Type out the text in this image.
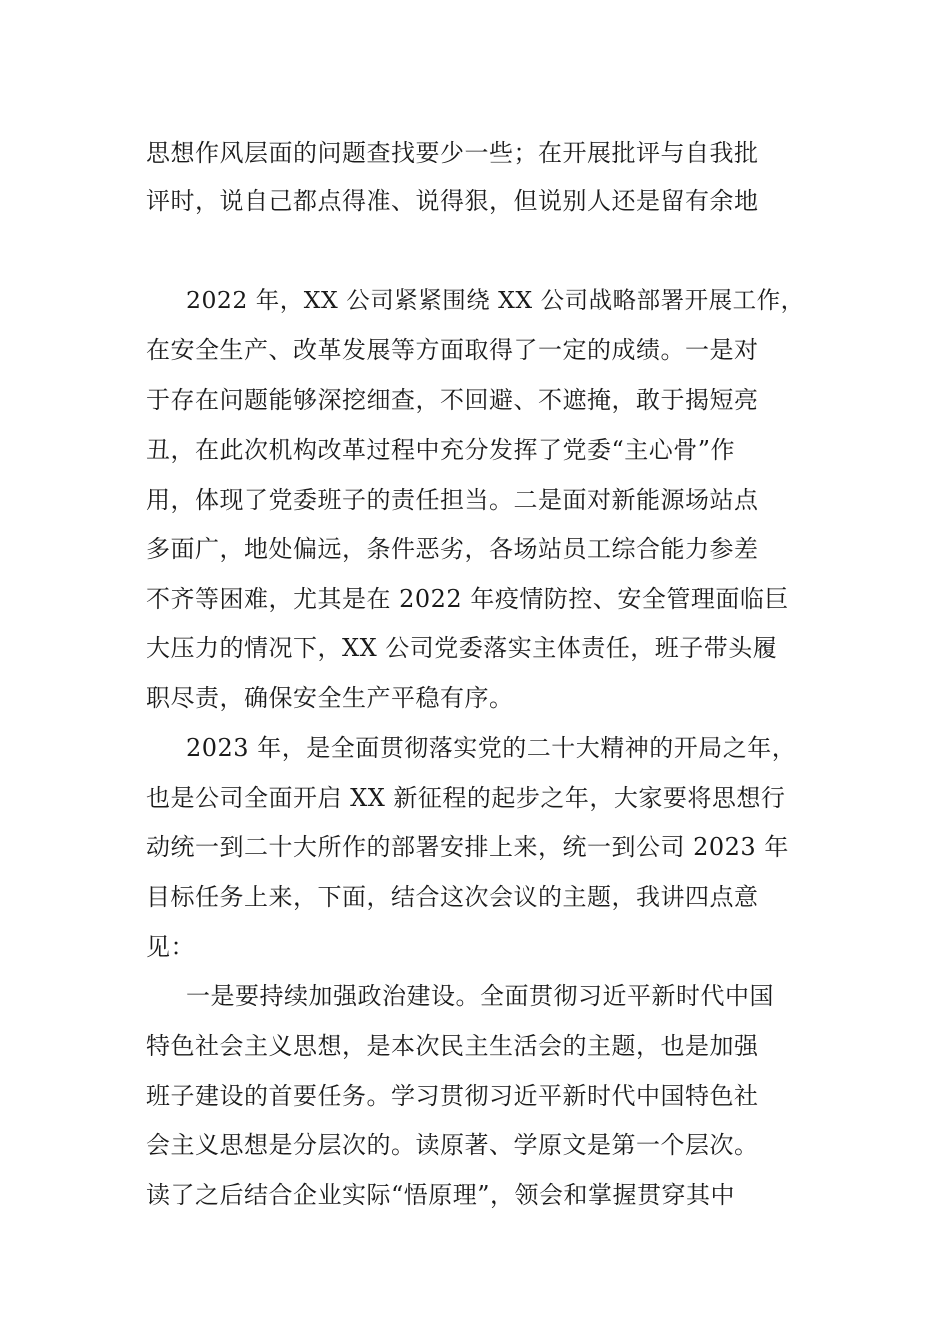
思想作风层面的问题查找要少一些；在开展批评与自我批

评时，说自己都点得准、说得狠，但说别人还是留有余地

2022 年，XX 公司紧紧围绕 XX 公司战略部署开展工作，

在安全生产、改革发展等方面取得了一定的成绩。一是对

于存在问题能够深挖细查，不回避、不遮掩，敢于揭短亮

丑，在此次机构改革过程中充分发挥了党委“主心骨”作

用，体现了党委班子的责任担当。二是面对新能源场站点

多面广，地处偏远，条件恶劣，各场站员工综合能力参差

不齐等困难，尤其是在 2022 年疫情防控、安全管理面临巨

大压力的情况下，XX 公司党委落实主体责任，班子带头履

职尽责，确保安全生产平稳有序。

2023 年，是全面贯彻落实党的二十大精神的开局之年，

也是公司全面开启 XX 新征程的起步之年，大家要将思想行

动统一到二十大所作的部署安排上来，统一到公司 2023 年

目标任务上来，下面，结合这次会议的主题，我讲四点意

见：

一是要持续加强政治建设。全面贯彻习近平新时代中国

特色社会主义思想，是本次民主生活会的主题，也是加强

班子建设的首要任务。学习贯彻习近平新时代中国特色社

会主义思想是分层次的。读原著、学原文是第一个层次。

读了之后结合企业实际“悟原理”，领会和掌握贯穿其中
